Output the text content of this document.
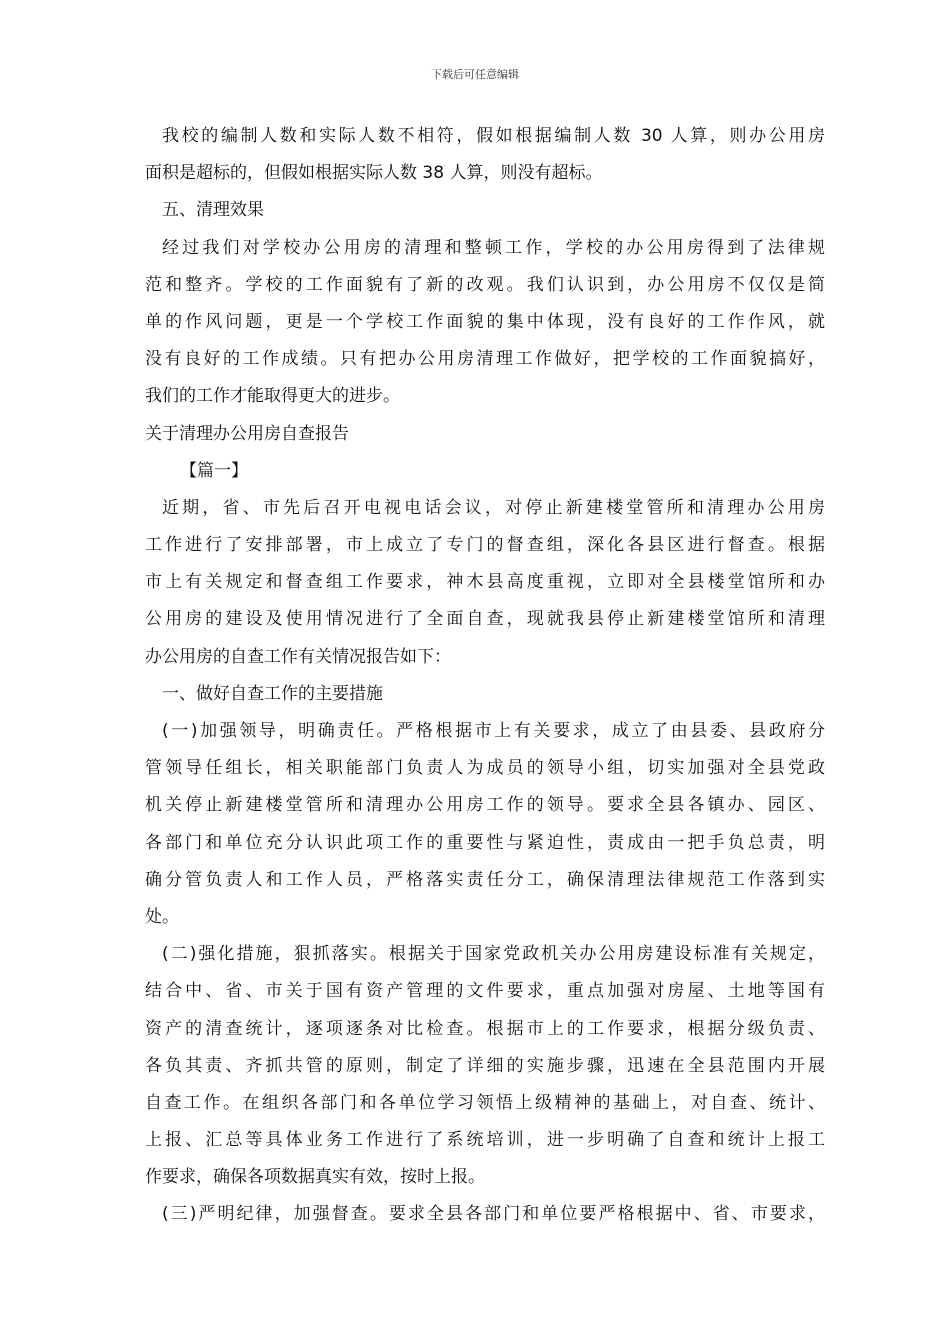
下载后可任意编辑
我校的编制人数和实际人数不相符，假如根据编制人数 30 人算，则办公用房
面积是超标的，但假如根据实际人数 38 人算，则没有超标。
五、清理效果
经过我们对学校办公用房的清理和整顿工作，学校的办公用房得到了法律规
范和整齐。学校的工作面貌有了新的改观。我们认识到，办公用房不仅仅是简
单的作风问题，更是一个学校工作面貌的集中体现，没有良好的工作作风，就
没有良好的工作成绩。只有把办公用房清理工作做好，把学校的工作面貌搞好，
我们的工作才能取得更大的进步。
关于清理办公用房自查报告
【篇一】
近期，省、市先后召开电视电话会议，对停止新建楼堂管所和清理办公用房
工作进行了安排部署，市上成立了专门的督查组，深化各县区进行督查。根据
市上有关规定和督查组工作要求，神木县高度重视，立即对全县楼堂馆所和办
公用房的建设及使用情况进行了全面自查，现就我县停止新建楼堂馆所和清理
办公用房的自查工作有关情况报告如下：
一、做好自查工作的主要措施
(一)加强领导，明确责任。严格根据市上有关要求，成立了由县委、县政府分
管领导任组长，相关职能部门负责人为成员的领导小组，切实加强对全县党政
机关停止新建楼堂管所和清理办公用房工作的领导。要求全县各镇办、园区、
各部门和单位充分认识此项工作的重要性与紧迫性，责成由一把手负总责，明
确分管负责人和工作人员，严格落实责任分工，确保清理法律规范工作落到实
处。
(二)强化措施，狠抓落实。根据关于国家党政机关办公用房建设标准有关规定，
结合中、省、市关于国有资产管理的文件要求，重点加强对房屋、土地等国有
资产的清查统计，逐项逐条对比检查。根据市上的工作要求，根据分级负责、
各负其责、齐抓共管的原则，制定了详细的实施步骤，迅速在全县范围内开展
自查工作。在组织各部门和各单位学习领悟上级精神的基础上，对自查、统计、
上报、汇总等具体业务工作进行了系统培训，进一步明确了自查和统计上报工
作要求，确保各项数据真实有效，按时上报。
(三)严明纪律，加强督查。要求全县各部门和单位要严格根据中、省、市要求，
